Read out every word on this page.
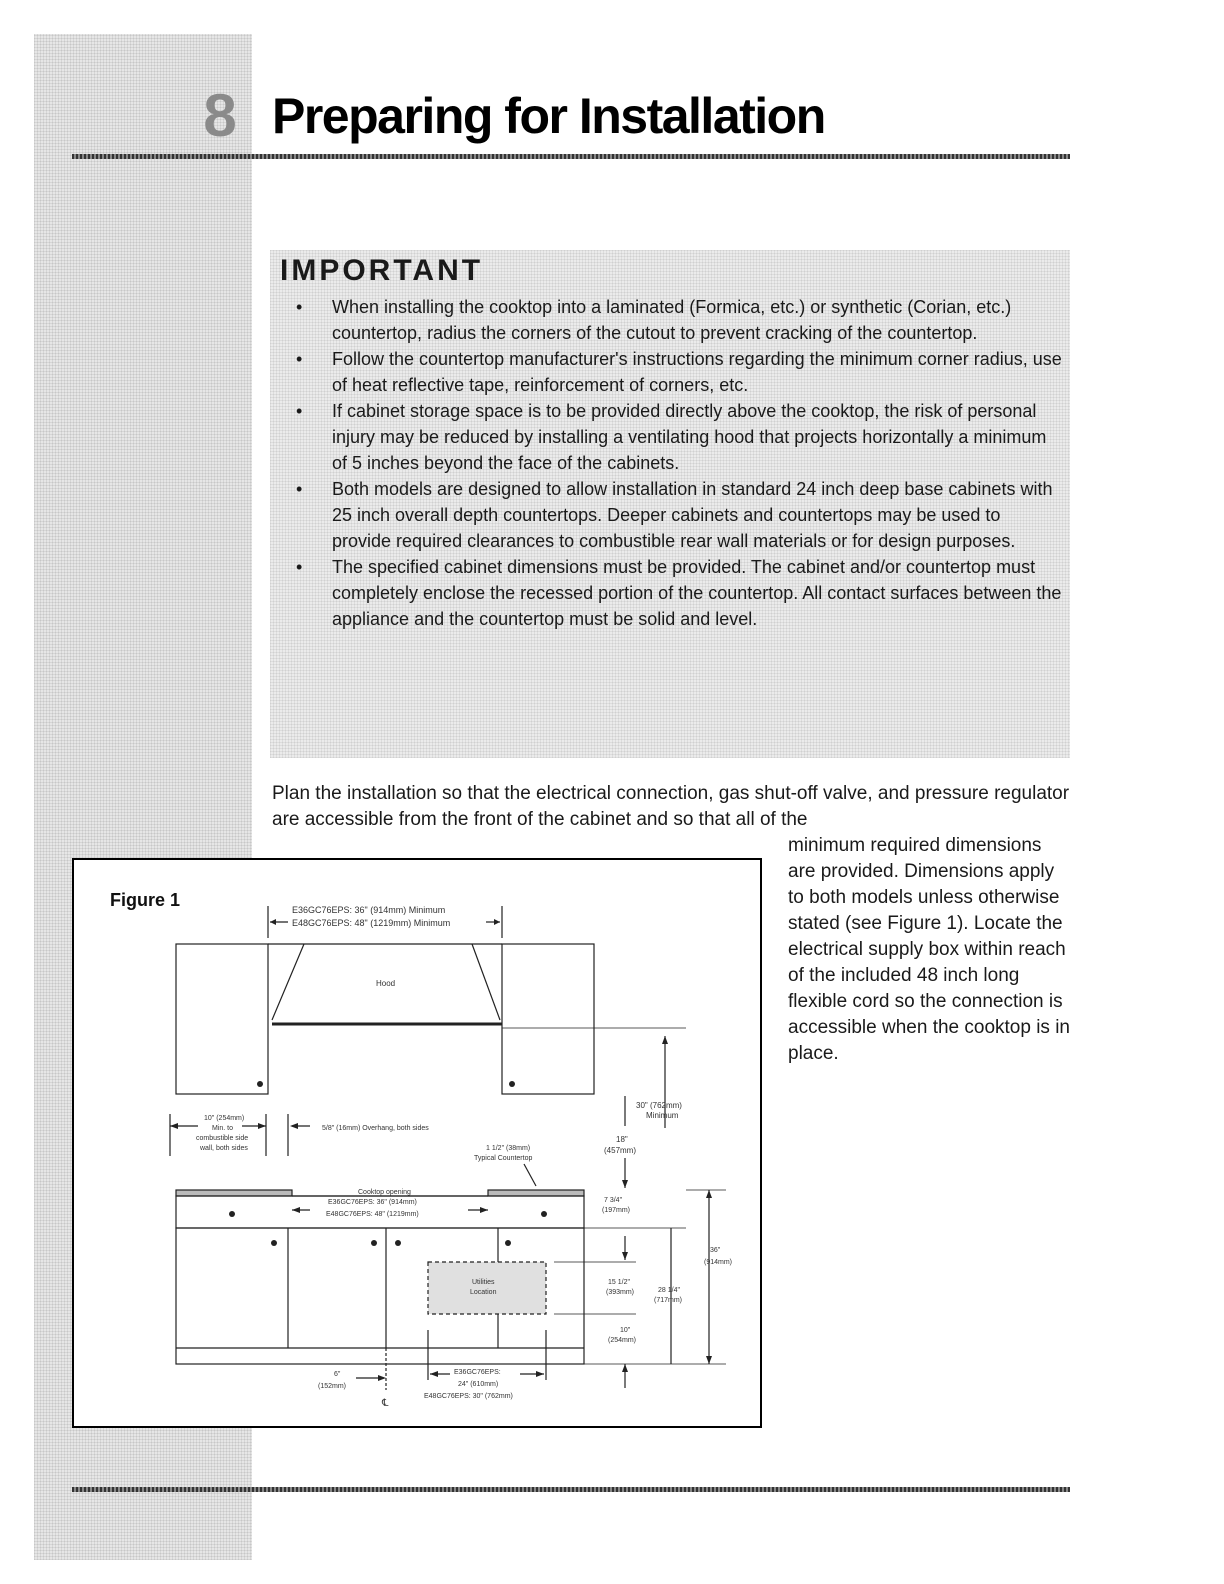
8 Preparing for Installation
IMPORTANT
• When installing the cooktop into a laminated (Formica, etc.) or synthetic (Corian, etc.) countertop, radius the corners of the cutout to prevent cracking of the countertop.
• Follow the countertop manufacturer's instructions regarding the minimum corner radius, use of heat reflective tape, reinforcement of corners, etc.
• If cabinet storage space is to be provided directly above the cooktop, the risk of personal injury may be reduced by installing a ventilating hood that projects horizontally a minimum of 5 inches beyond the face of the cabinets.
• Both models are designed to allow installation in standard 24 inch deep base cabinets with 25 inch overall depth countertops. Deeper cabinets and countertops may be used to provide required clearances to combustible rear wall materials or for design purposes.
• The specified cabinet dimensions must be provided. The cabinet and/or countertop must completely enclose the recessed portion of the countertop. All contact surfaces between the appliance and the countertop must be solid and level.

Plan the installation so that the electrical connection, gas shut-off valve, and pressure regulator are accessible from the front of the cabinet and so that all of the

minimum required dimensions are provided. Dimensions apply to both models unless otherwise stated (see Figure 1). Locate the electrical supply box within reach of the included 48 inch long flexible cord so the connection is accessible when the cooktop is in place.

Figure 1	E36GC76EPS: 36" (914mm) Minimum
E48GC76EPS: 48" (1219mm) Minimum
Hood
30" (762mm)
Minimum
18"
(457mm)
10" (254mm)
Min. to
combustible side
wall, both sides
5/8" (16mm) Overhang, both sides
1 1/2" (38mm)
Typical Countertop
Cooktop opening
E36GC76EPS: 36" (914mm)
E48GC76EPS: 48" (1219mm)
Utilities
Location
7 3/4"
(197mm)
36"
(914mm)
15 1/2"
(393mm)	28 1/4"
(717mm)
10"
(254mm)
6"
(152mm)
℄
E36GC76EPS:
24" (610mm)
E48GC76EPS: 30" (762mm)
